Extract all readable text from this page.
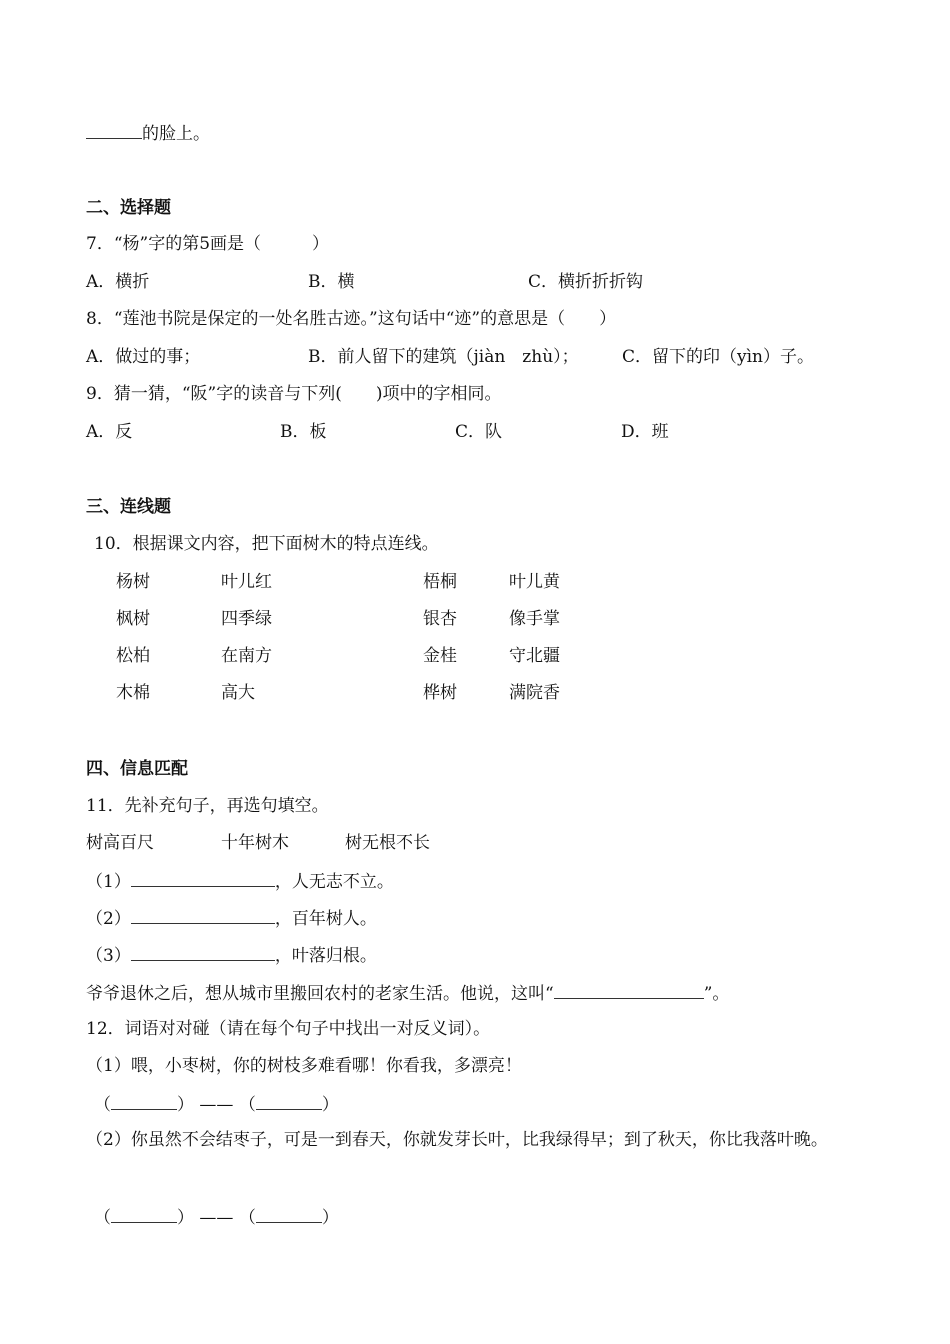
的脸上。
二、选择题
7．“杨”字的第5画是（　　　）
A．横折	B．横	C．横折折折钩
8．“莲池书院是保定的一处名胜古迹。”这句话中“迹”的意思是（　　）
A．做过的事；	B．前人留下的建筑（jiàn　zhù）；	C．留下的印（yìn）子。
9．猜一猜，“阪”字的读音与下列(　　)项中的字相同。
A．反	B．板	C．队	D．班
三、连线题
10．根据课文内容，把下面树木的特点连线。
杨树	叶儿红	梧桐	叶儿黄
枫树	四季绿	银杏	像手掌
松柏	在南方	金桂	守北疆
木棉	高大	桦树	满院香
四、信息匹配
11．先补充句子，再选句填空。
树高百尺	十年树木	树无根不长
（1）	，人无志不立。
（2）	，百年树人。
（3）	，叶落归根。
爷爷退休之后，想从城市里搬回农村的老家生活。他说，这叫“	”。
12．词语对对碰（请在每个句子中找出一对反义词）。
（1）喂，小枣树，你的树枝多难看哪！你看我，多漂亮！
（	） —— （	）
（2）你虽然不会结枣子，可是一到春天，你就发芽长叶，比我绿得早；到了秋天，你比我落叶晚。
（	） —— （	）
